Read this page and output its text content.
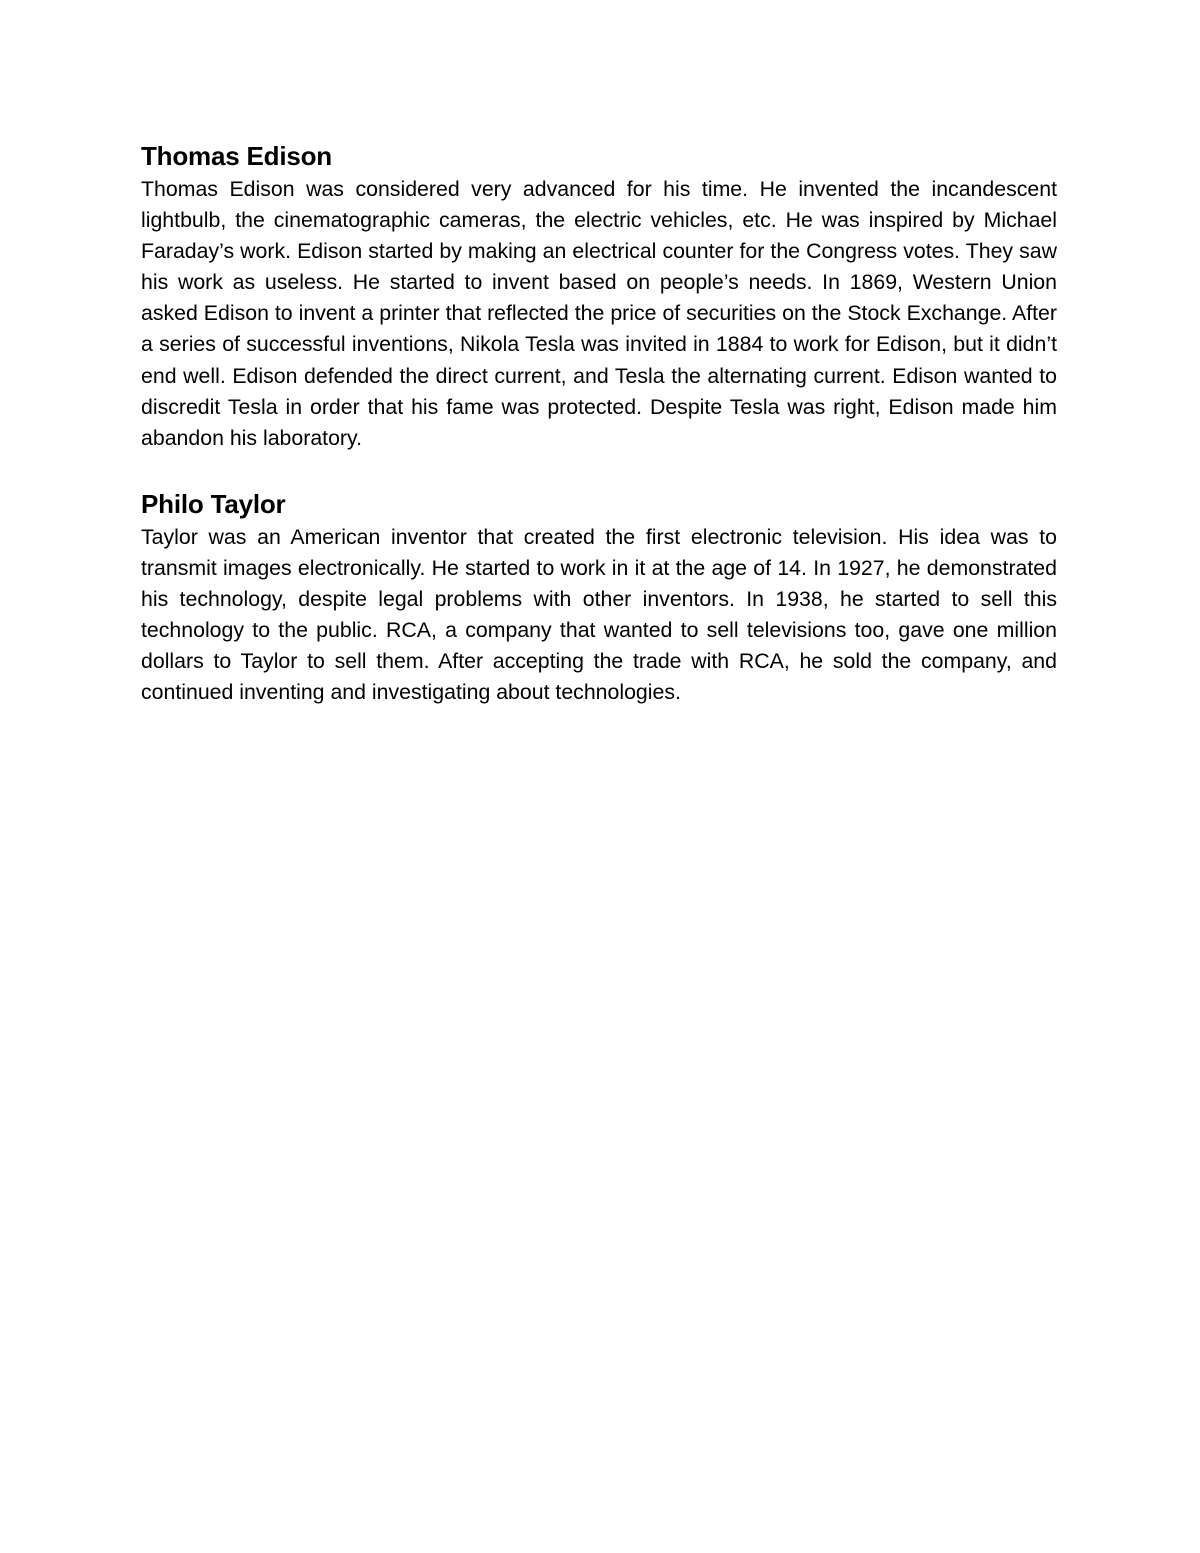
Thomas Edison

Thomas Edison was considered very advanced for his time. He invented the incandescent lightbulb, the cinematographic cameras, the electric vehicles, etc. He was inspired by Michael Faraday’s work. Edison started by making an electrical counter for the Congress votes. They saw his work as useless. He started to invent based on people’s needs. In 1869, Western Union asked Edison to invent a printer that reflected the price of securities on the Stock Exchange. After a series of successful inventions, Nikola Tesla was invited in 1884 to work for Edison, but it didn’t end well. Edison defended the direct current, and Tesla the alternating current. Edison wanted to discredit Tesla in order that his fame was protected. Despite Tesla was right, Edison made him abandon his laboratory.

Philo Taylor

Taylor was an American inventor that created the first electronic television. His idea was to transmit images electronically. He started to work in it at the age of 14. In 1927, he demonstrated his technology, despite legal problems with other inventors. In 1938, he started to sell this technology to the public. RCA, a company that wanted to sell televisions too, gave one million dollars to Taylor to sell them. After accepting the trade with RCA, he sold the company, and continued inventing and investigating about technologies.
